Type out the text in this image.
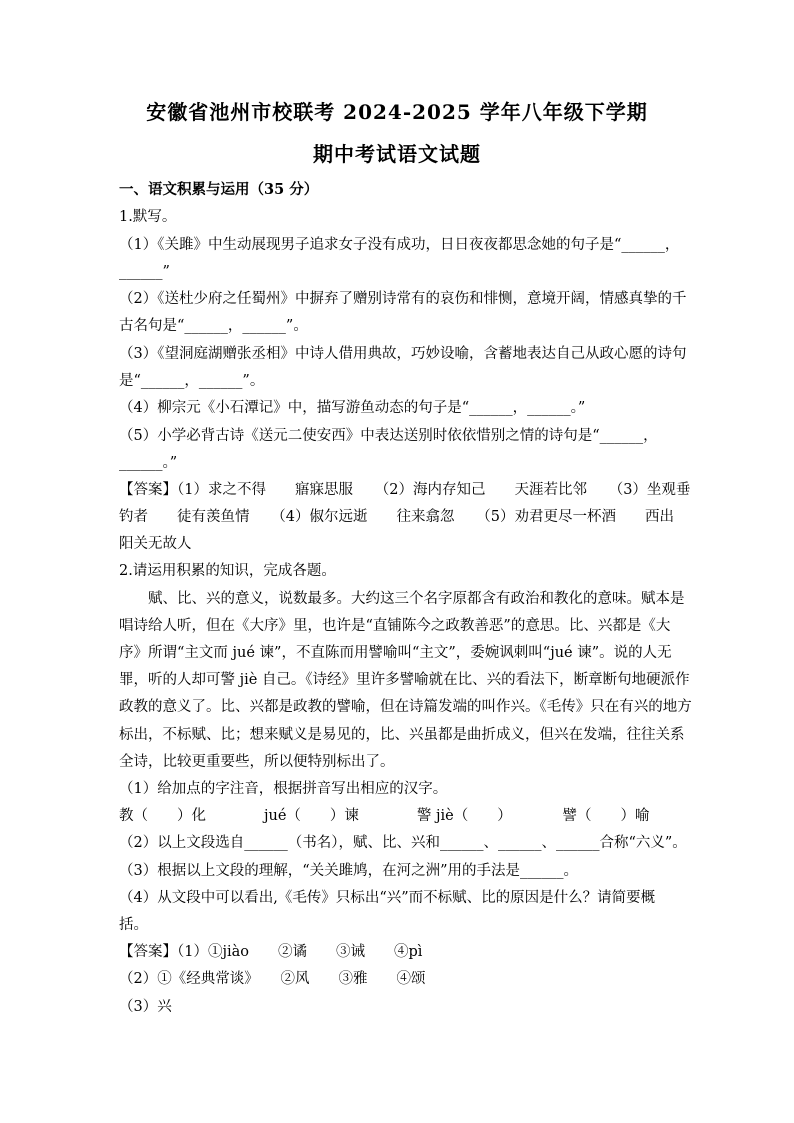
安徽省池州市校联考 2024-2025 学年八年级下学期
期中考试语文试题
一、语文积累与运用（35 分）
1.默写。
（1）《关雎》中生动展现男子追求女子没有成功，日日夜夜都思念她的句子是“______，
______”
（2）《送杜少府之任蜀州》中摒弃了赠别诗常有的哀伤和悱恻，意境开阔，情感真挚的千
古名句是“______，______”。
（3）《望洞庭湖赠张丞相》中诗人借用典故，巧妙设喻，含蓄地表达自己从政心愿的诗句
是“______，______”。
（4）柳宗元《小石潭记》中，描写游鱼动态的句子是“______，______。”
（5）小学必背古诗《送元二使安西》中表达送别时依依惜别之情的诗句是“______，
______。”
【答案】（1）求之不得　　寤寐思服　　（2）海内存知己　　天涯若比邻　　（3）坐观垂
钓者　　徒有羡鱼情　　（4）俶尔远逝　　往来翕忽　　（5）劝君更尽一杯酒　　西出
阳关无故人
2.请运用积累的知识，完成各题。
赋、比、兴的意义，说数最多。大约这三个名字原都含有政治和教化的意味。赋本是
唱诗给人听，但在《大序》里，也许是“直铺陈今之政教善恶”的意思。比、兴都是《大
序》所谓“主文而 jué 谏”，不直陈而用譬喻叫“主文”，委婉讽刺叫“jué 谏”。说的人无
罪，听的人却可警 jiè 自己。《诗经》里许多譬喻就在比、兴的看法下，断章断句地硬派作
政教的意义了。比、兴都是政教的譬喻，但在诗篇发端的叫作兴。《毛传》只在有兴的地方
标出，不标赋、比；想来赋义是易见的，比、兴虽都是曲折成义，但兴在发端，往往关系
全诗，比较更重要些，所以便特别标出了。
（1）给加点的字注音，根据拼音写出相应的汉字。
教（　　）化　　　　jué（　　）谏　　　　警 jiè（　　）　　　　譬（　　）喻
（2）以上文段选自______（书名），赋、比、兴和______、______、______合称“六义”。
（3）根据以上文段的理解，“关关雎鸠，在河之洲”用的手法是______。
（4）从文段中可以看出,《毛传》只标出“兴”而不标赋、比的原因是什么？请简要概
括。
【答案】（1）①jiào　　②谲　　③诫　　④pì
（2）①《经典常谈》　　②风　　③雅　　④颂
（3）兴
